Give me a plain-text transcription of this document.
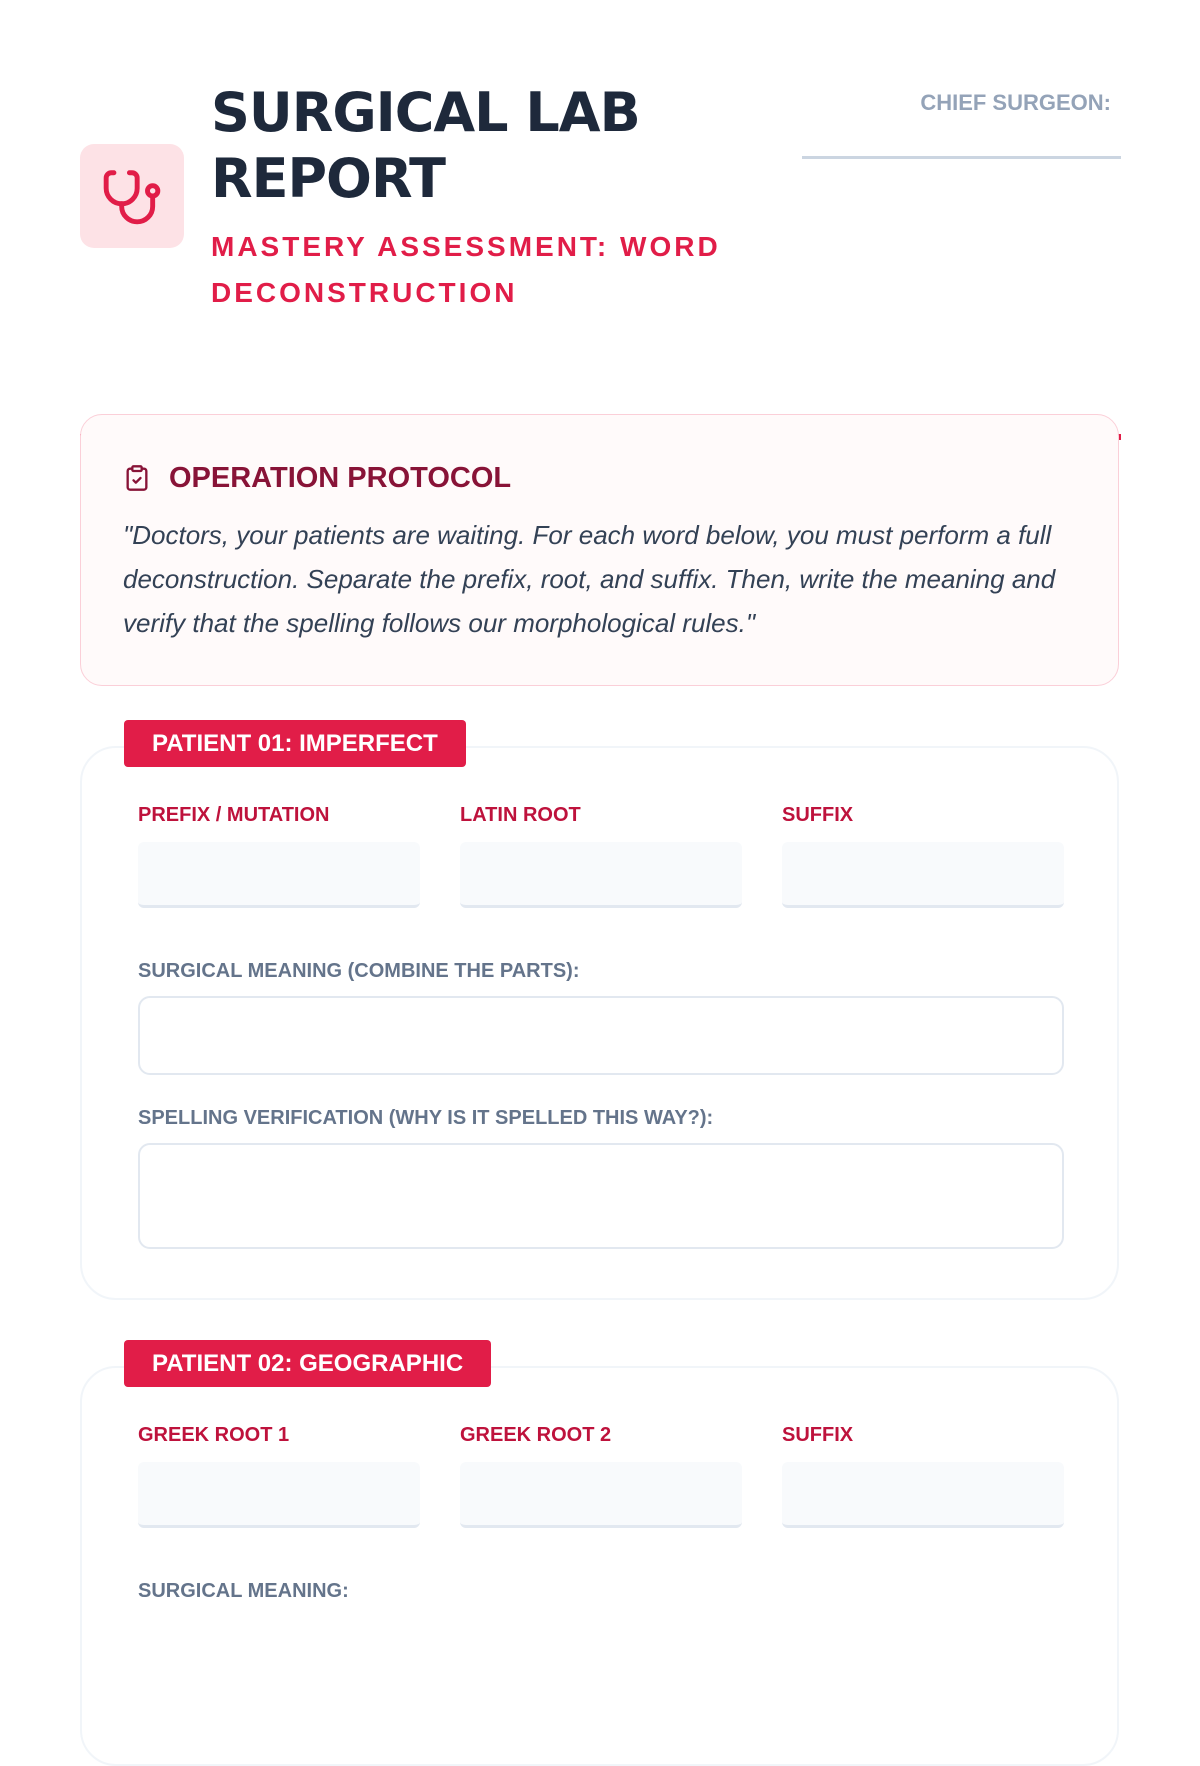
SURGICAL LAB REPORT
MASTERY ASSESSMENT: WORD DECONSTRUCTION
CHIEF SURGEON:
OPERATION PROTOCOL

"Doctors, your patients are waiting. For each word below, you must perform a full deconstruction. Separate the prefix, root, and suffix. Then, write the meaning and verify that the spelling follows our morphological rules."

PATIENT 01: IMPERFECT
PREFIX / MUTATION	LATIN ROOT	SUFFIX
SURGICAL MEANING (COMBINE THE PARTS):
SPELLING VERIFICATION (WHY IS IT SPELLED THIS WAY?):
PATIENT 02: GEOGRAPHIC
GREEK ROOT 1	GREEK ROOT 2	SUFFIX
SURGICAL MEANING:
